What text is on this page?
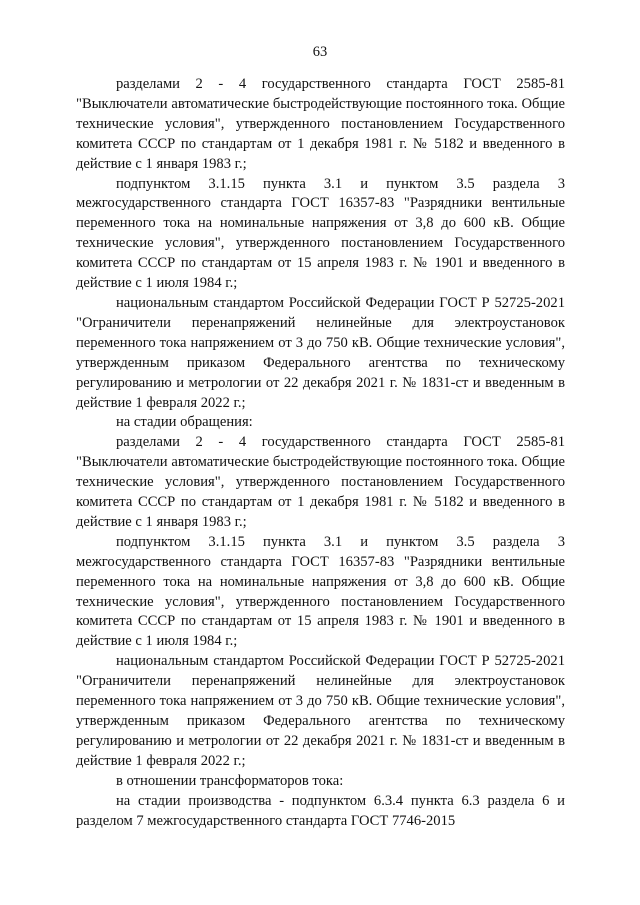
63

разделами 2 - 4 государственного стандарта ГОСТ 2585-81 "Выключатели автоматические быстродействующие постоянного тока. Общие технические условия", утвержденного постановлением Государственного комитета СССР по стандартам от 1 декабря 1981 г. № 5182 и введенного в действие с 1 января 1983 г.;

подпунктом 3.1.15 пункта 3.1 и пунктом 3.5 раздела 3 межгосударственного стандарта ГОСТ 16357-83 "Разрядники вентильные переменного тока на номинальные напряжения от 3,8 до 600 кВ. Общие технические условия", утвержденного постановлением Государственного комитета СССР по стандартам от 15 апреля 1983 г. № 1901 и введенного в действие с 1 июля 1984 г.;

национальным стандартом Российской Федерации ГОСТ Р 52725-2021 "Ограничители перенапряжений нелинейные для электроустановок переменного тока напряжением от 3 до 750 кВ. Общие технические условия", утвержденным приказом Федерального агентства по техническому регулированию и метрологии от 22 декабря 2021 г. № 1831-ст и введенным в действие 1 февраля 2022 г.;

на стадии обращения:

разделами 2 - 4 государственного стандарта ГОСТ 2585-81 "Выключатели автоматические быстродействующие постоянного тока. Общие технические условия", утвержденного постановлением Государственного комитета СССР по стандартам от 1 декабря 1981 г. № 5182 и введенного в действие с 1 января 1983 г.;

подпунктом 3.1.15 пункта 3.1 и пунктом 3.5 раздела 3 межгосударственного стандарта ГОСТ 16357-83 "Разрядники вентильные переменного тока на номинальные напряжения от 3,8 до 600 кВ. Общие технические условия", утвержденного постановлением Государственного комитета СССР по стандартам от 15 апреля 1983 г. № 1901 и введенного в действие с 1 июля 1984 г.;

национальным стандартом Российской Федерации ГОСТ Р 52725-2021 "Ограничители перенапряжений нелинейные для электроустановок переменного тока напряжением от 3 до 750 кВ. Общие технические условия", утвержденным приказом Федерального агентства по техническому регулированию и метрологии от 22 декабря 2021 г. № 1831-ст и введенным в действие 1 февраля 2022 г.;

в отношении трансформаторов тока:

на стадии производства - подпунктом 6.3.4 пункта 6.3 раздела 6 и разделом 7 межгосударственного стандарта ГОСТ 7746-2015
